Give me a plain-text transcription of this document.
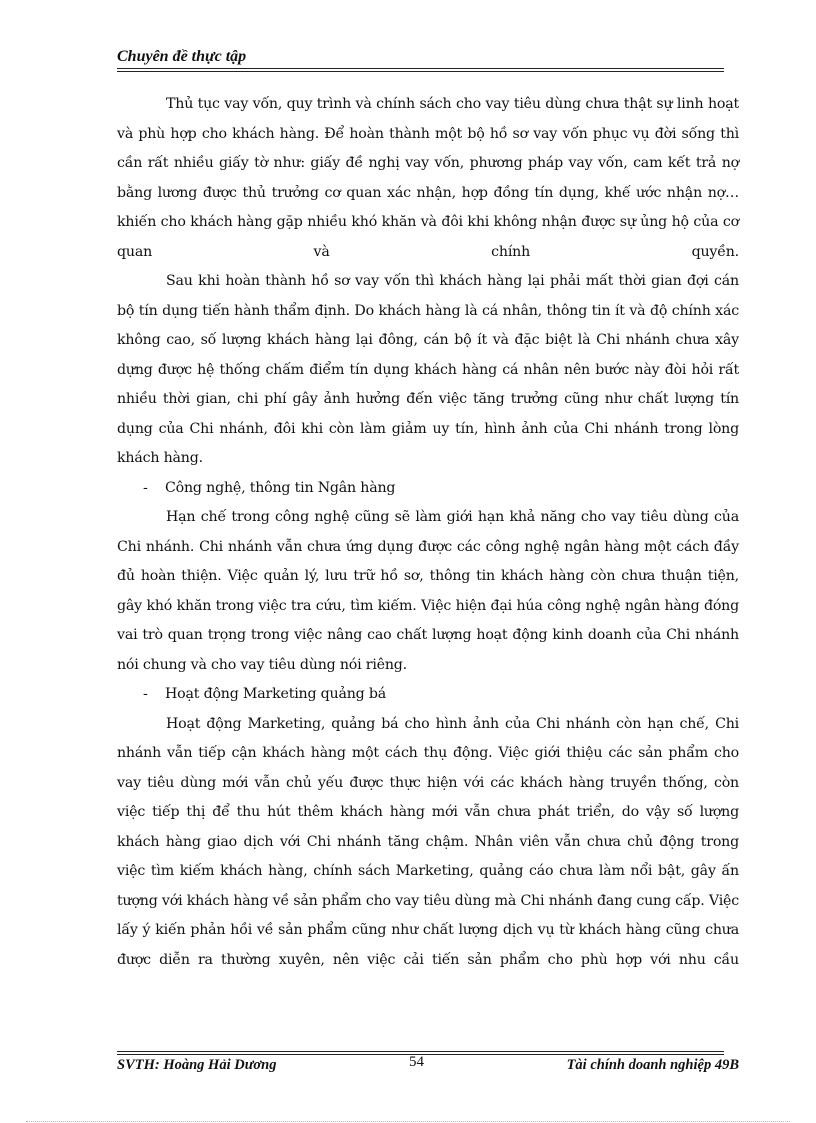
Chuyên đề thực tập

Thủ tục vay vốn, quy trình và chính sách cho vay tiêu dùng chưa thật sự linh hoạt và phù hợp cho khách hàng. Để hoàn thành một bộ hồ sơ vay vốn phục vụ đời sống thì cần rất nhiều giấy tờ như: giấy đề nghị vay vốn, phương pháp vay vốn, cam kết trả nợ bằng lương được thủ trưởng cơ quan xác nhận, hợp đồng tín dụng, khế ước nhận nợ…khiến cho khách hàng gặp nhiều khó khăn và đôi khi không nhận được sự ủng hộ của cơ quan và chính quyền.

Sau khi hoàn thành hồ sơ vay vốn thì khách hàng lại phải mất thời gian đợi cán bộ tín dụng tiến hành thẩm định. Do khách hàng là cá nhân, thông tin ít và độ chính xác không cao, số lượng khách hàng lại đông, cán bộ ít và đặc biệt là Chi nhánh chưa xây dựng được hệ thống chấm điểm tín dụng khách hàng cá nhân nên bước này đòi hỏi rất nhiều thời gian, chi phí gây ảnh hưởng đến việc tăng trưởng cũng như chất lượng tín dụng của Chi nhánh, đôi khi còn làm giảm uy tín, hình ảnh của Chi nhánh trong lòng khách hàng.

- Công nghệ, thông tin Ngân hàng

Hạn chế trong công nghệ cũng sẽ làm giới hạn khả năng cho vay tiêu dùng của Chi nhánh. Chi nhánh vẫn chưa ứng dụng được các công nghệ ngân hàng một cách đầy đủ hoàn thiện. Việc quản lý, lưu trữ hồ sơ, thông tin khách hàng còn chưa thuận tiện, gây khó khăn trong việc tra cứu, tìm kiếm. Việc hiện đại húa công nghệ ngân hàng đóng vai trò quan trọng trong việc nâng cao chất lượng hoạt động kinh doanh của Chi nhánh nói chung và cho vay tiêu dùng nói riêng.

- Hoạt động Marketing quảng bá

Hoạt động Marketing, quảng bá cho hình ảnh của Chi nhánh còn hạn chế, Chi nhánh vẫn tiếp cận khách hàng một cách thụ động. Việc giới thiệu các sản phẩm cho vay tiêu dùng mới vẫn chủ yếu được thực hiện với các khách hàng truyền thống, còn việc tiếp thị để thu hút thêm khách hàng mới vẫn chưa phát triển, do vậy số lượng khách hàng giao dịch với Chi nhánh tăng chậm. Nhân viên vẫn chưa chủ động trong việc tìm kiếm khách hàng, chính sách Marketing, quảng cáo chưa làm nổi bật, gây ấn tượng với khách hàng về sản phẩm cho vay tiêu dùng mà Chi nhánh đang cung cấp. Việc lấy ý kiến phản hồi về sản phẩm cũng như chất lượng dịch vụ từ khách hàng cũng chưa được diễn ra thường xuyên, nên việc cải tiến sản phẩm cho phù hợp với nhu cầu

SVTH: Hoàng Hải Dương	54	Tài chính doanh nghiệp 49B
